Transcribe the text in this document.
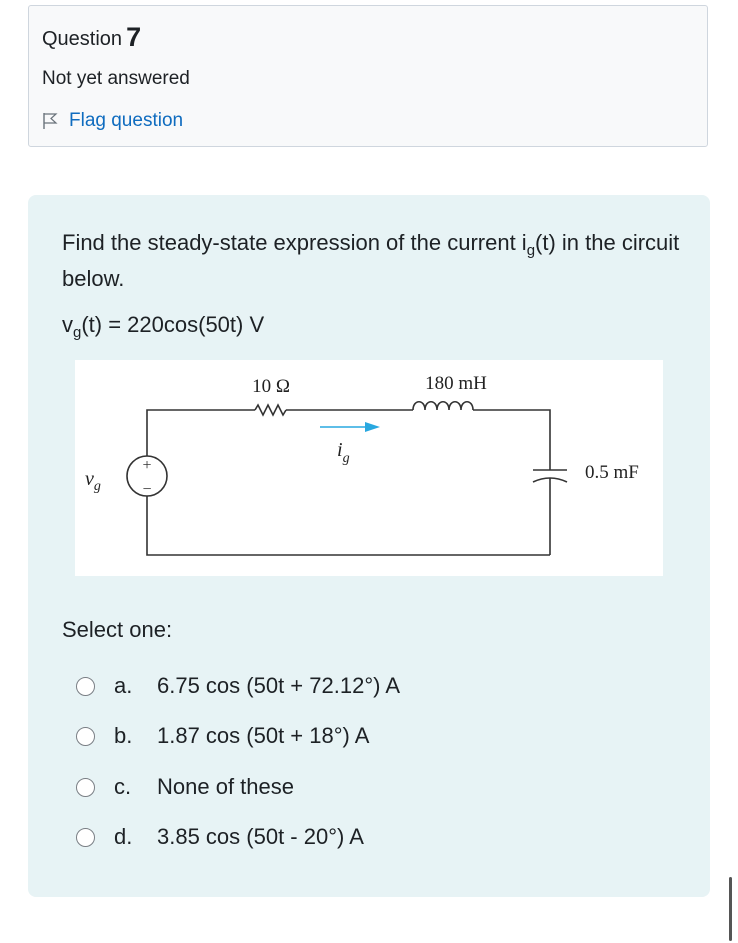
Question 7
Not yet answered
Flag question
Find the steady-state expression of the current $i_g(t)$ in the circuit below.
$v_g(t) = 220\cos(50t)$ V
+
−
10 Ω	180 mH
0.5 mF
$v_g$
$i_g$
Select one:
a.	6.75 cos (50t + 72.12°) A
b.	1.87 cos (50t + 18°) A
c.	None of these
d.	3.85 cos (50t - 20°) A
